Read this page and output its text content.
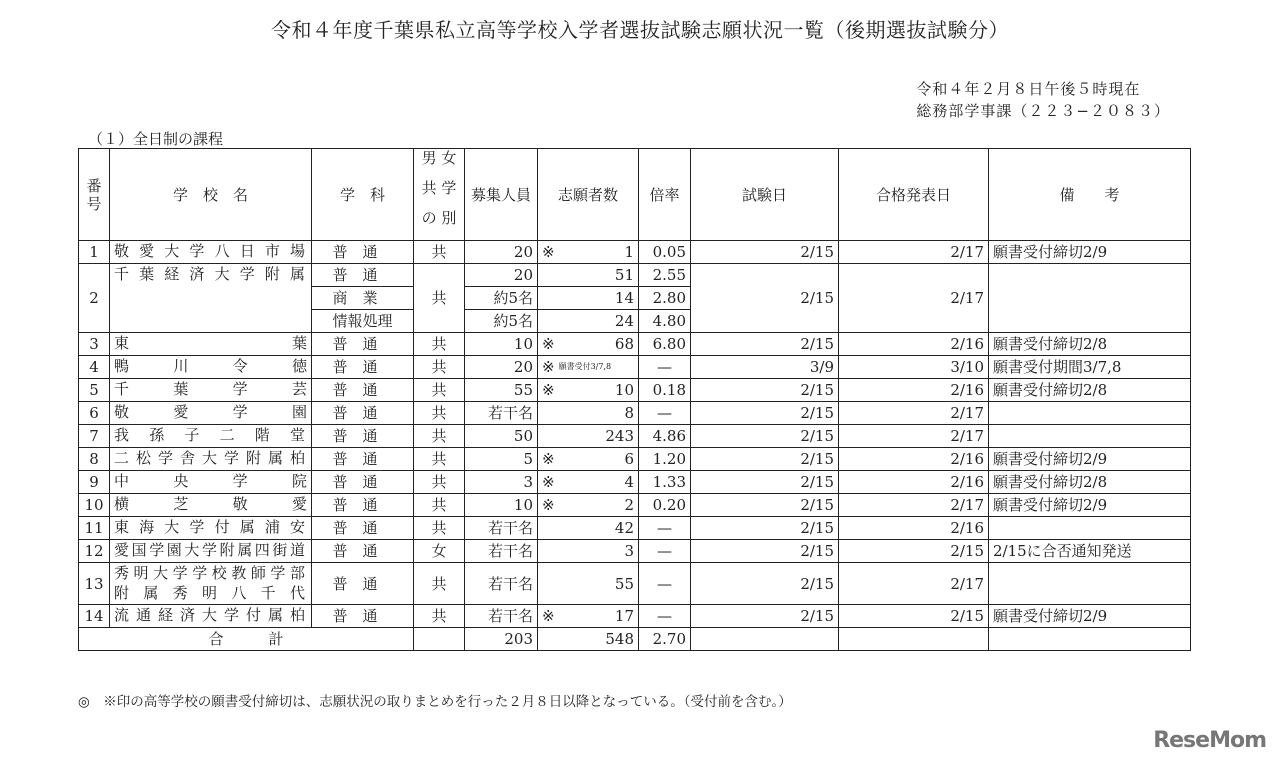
令和４年度千葉県私立高等学校入学者選抜試験志願状況一覧（後期選抜試験分）
令和４年２月８日午後５時現在
総務部学事課（２２３−２０８３）
（１）全日制の課程
番号	学　校　名	学　科	男 女
共 学
の 別	募集人員	志願者数	倍率	試験日	合格発表日	備　　考
1	敬愛大学八日市場	普通	共	20	※ 1	0.05	2/15	2/17	願書受付締切2/9
2	千葉経済大学附属	普通	共	20	51	2.55	2/15	2/17	
		商業		約5名	14	2.80			
		情報処理		約5名	24	4.80			
3	東葉	普通	共	10	※ 68	6.80	2/15	2/16	願書受付締切2/8
4	鴨川令徳	普通	共	20	※ 願書受付3/7,8	—	3/9	3/10	願書受付期間3/7,8
5	千葉学芸	普通	共	55	※ 10	0.18	2/15	2/16	願書受付締切2/8
6	敬愛学園	普通	共	若干名	8	—	2/15	2/17	
7	我孫子二階堂	普通	共	50	243	4.86	2/15	2/17	
8	二松学舎大学附属柏	普通	共	5	※ 6	1.20	2/15	2/16	願書受付締切2/9
9	中央学院	普通	共	3	※ 4	1.33	2/15	2/16	願書受付締切2/8
10	横芝敬愛	普通	共	10	※ 2	0.20	2/15	2/17	願書受付締切2/9
11	東海大学付属浦安	普通	共	若干名	42	—	2/15	2/16	
12	愛国学園大学附属四街道	普通	女	若干名	3	—	2/15	2/15	2/15に合否通知発送
13	秀明大学学校教師学部
附属秀明八千代	普通	共	若干名	55	—	2/15	2/17	
14	流通経済大学付属柏	普通	共	若干名	※ 17	—	2/15	2/15	願書受付締切2/9
合　　　計				203	548	2.70			
◎　※印の高等学校の願書受付締切は、志願状況の取りまとめを行った２月８日以降となっている。（受付前を含む。）
ReseMom
